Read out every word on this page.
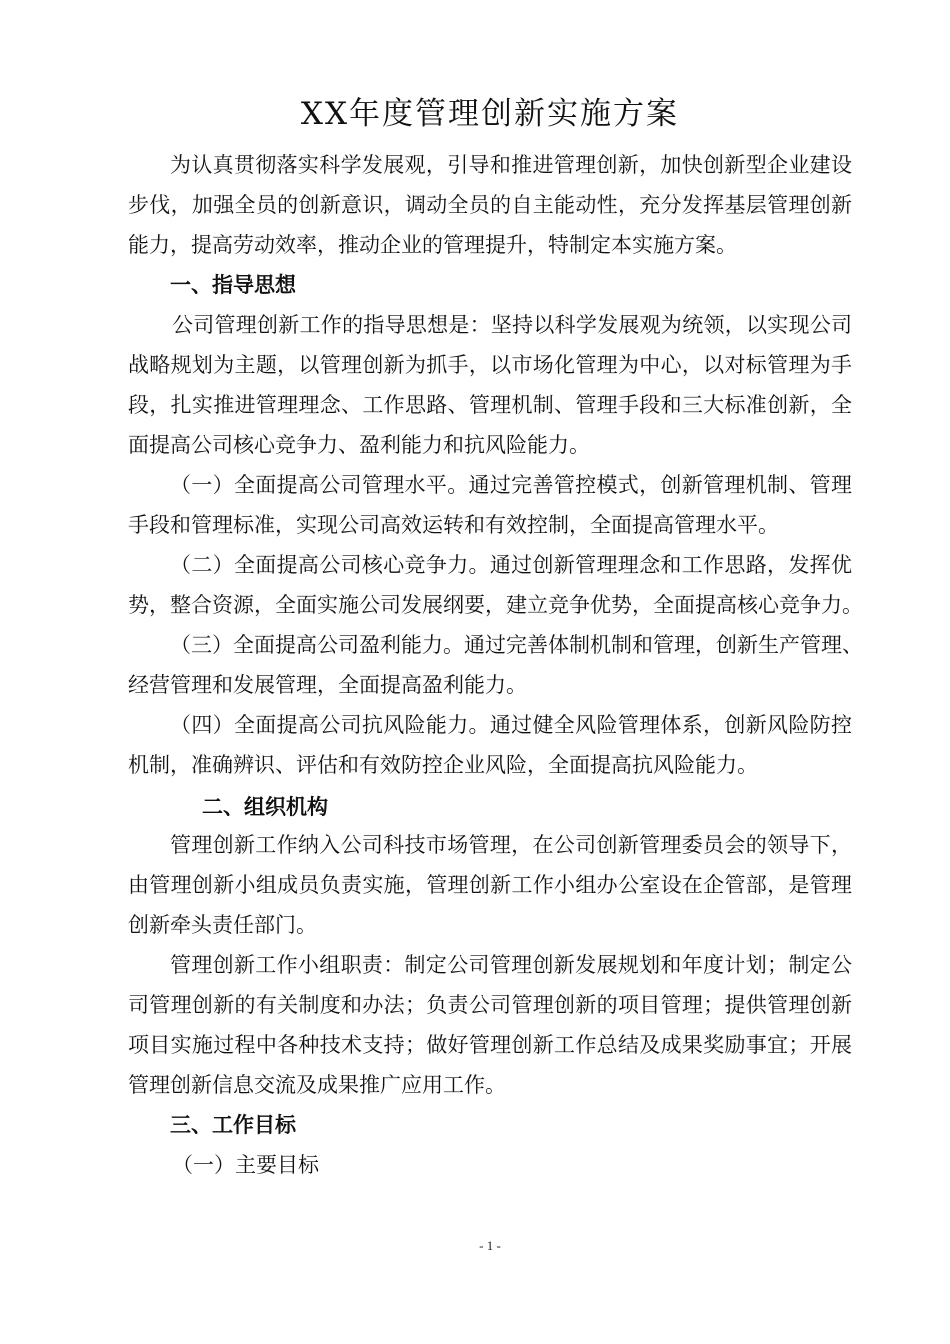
XX年度管理创新实施方案
为认真贯彻落实科学发展观，引导和推进管理创新，加快创新型企业建设
步伐，加强全员的创新意识，调动全员的自主能动性，充分发挥基层管理创新
能力，提高劳动效率，推动企业的管理提升，特制定本实施方案。
一、指导思想
公司管理创新工作的指导思想是：坚持以科学发展观为统领，以实现公司
战略规划为主题，以管理创新为抓手，以市场化管理为中心，以对标管理为手
段，扎实推进管理理念、工作思路、管理机制、管理手段和三大标准创新，全
面提高公司核心竞争力、盈利能力和抗风险能力。
（一）全面提高公司管理水平。通过完善管控模式，创新管理机制、管理
手段和管理标准，实现公司高效运转和有效控制，全面提高管理水平。
（二）全面提高公司核心竞争力。通过创新管理理念和工作思路，发挥优
势，整合资源，全面实施公司发展纲要，建立竞争优势，全面提高核心竞争力。
（三）全面提高公司盈利能力。通过完善体制机制和管理，创新生产管理、
经营管理和发展管理，全面提高盈利能力。
（四）全面提高公司抗风险能力。通过健全风险管理体系，创新风险防控
机制，准确辨识、评估和有效防控企业风险，全面提高抗风险能力。
二、组织机构
管理创新工作纳入公司科技市场管理，在公司创新管理委员会的领导下，
由管理创新小组成员负责实施，管理创新工作小组办公室设在企管部，是管理
创新牵头责任部门。
管理创新工作小组职责：制定公司管理创新发展规划和年度计划；制定公
司管理创新的有关制度和办法；负责公司管理创新的项目管理；提供管理创新
项目实施过程中各种技术支持；做好管理创新工作总结及成果奖励事宜；开展
管理创新信息交流及成果推广应用工作。
三、工作目标
（一）主要目标
- 1 -
